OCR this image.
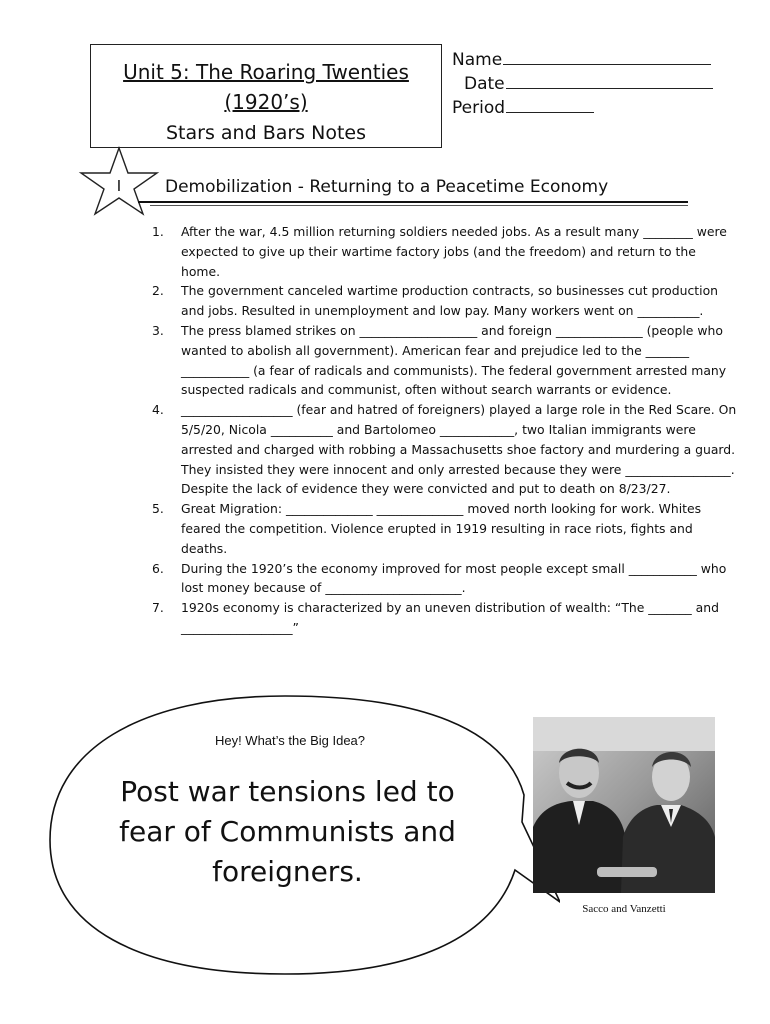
Unit 5: The Roaring Twenties
(1920’s)
Stars and Bars Notes
Name
Date
Period
I	Demobilization - Returning to a Peacetime Economy
1.	After the war, 4.5 million returning soldiers needed jobs. As a result many ________ were expected to give up their wartime factory jobs (and the freedom) and return to the home.
2.	The government canceled wartime production contracts, so businesses cut production and jobs. Resulted in unemployment and low pay. Many workers went on __________.
3.	The press blamed strikes on ___________________ and foreign ______________ (people who wanted to abolish all government). American fear and prejudice led to the _______ ___________ (a fear of radicals and communists). The federal government arrested many suspected radicals and communist, often without search warrants or evidence.
4.	__________________ (fear and hatred of foreigners) played a large role in the Red Scare. On 5/5/20, Nicola __________ and Bartolomeo ____________, two Italian immigrants were arrested and charged with robbing a Massachusetts shoe factory and murdering a guard. They insisted they were innocent and only arrested because they were _________________. Despite the lack of evidence they were convicted and put to death on 8/23/27.
5.	Great Migration: ______________ ______________ moved north looking for work. Whites feared the competition. Violence erupted in 1919 resulting in race riots, fights and deaths.
6.	During the 1920’s the economy improved for most people except small ___________ who lost money because of ______________________.
7.	1920s economy is characterized by an uneven distribution of wealth: “The _______ and __________________”
Hey! What’s the Big Idea?
Post war tensions led to fear of Communists and foreigners.
Sacco and Vanzetti
